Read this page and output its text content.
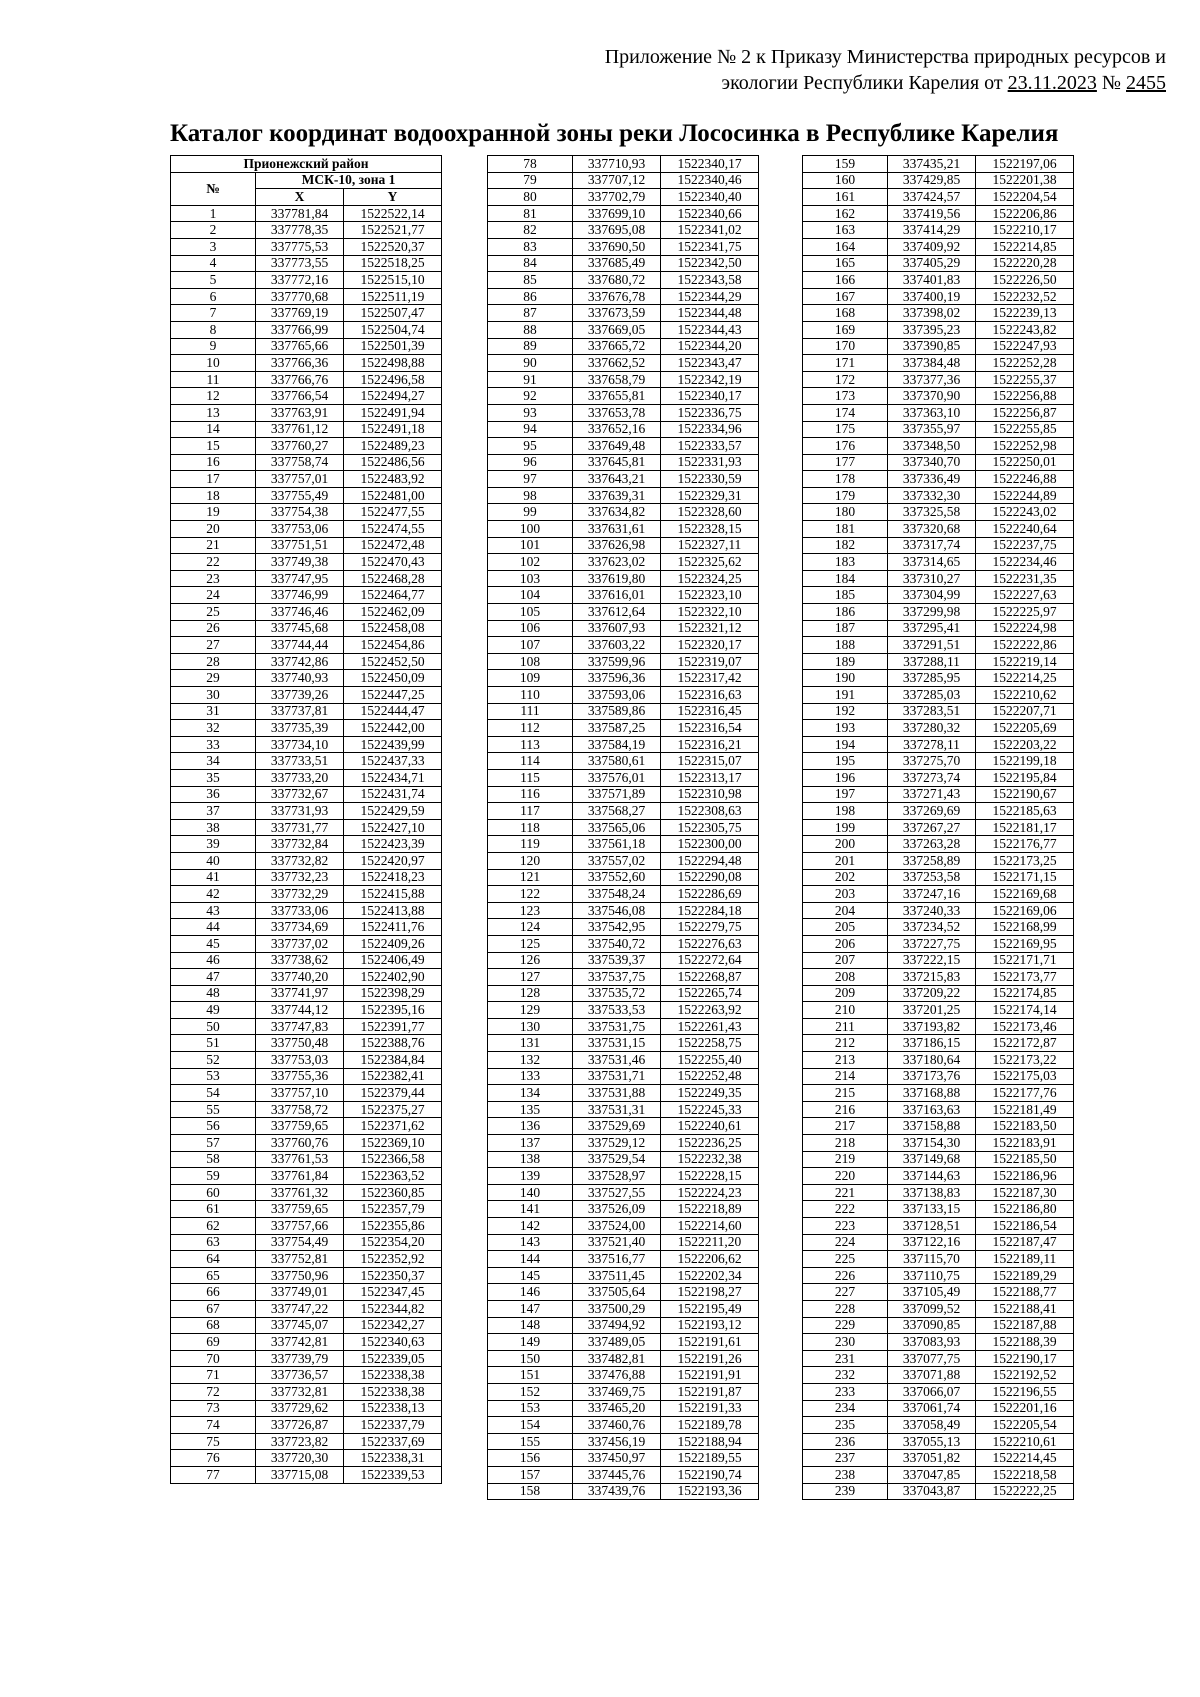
Приложение № 2 к Приказу Министерства природных ресурсов и
экологии Республики Карелия от 23.11.2023 № 2455
Каталог координат водоохранной зоны реки Лососинка в Республике Карелия
Прионежский район		
№	МСК-10, зона 1	
	X	Y
1	337781,84	1522522,14
2	337778,35	1522521,77
3	337775,53	1522520,37
4	337773,55	1522518,25
5	337772,16	1522515,10
6	337770,68	1522511,19
7	337769,19	1522507,47
8	337766,99	1522504,74
9	337765,66	1522501,39
10	337766,36	1522498,88
11	337766,76	1522496,58
12	337766,54	1522494,27
13	337763,91	1522491,94
14	337761,12	1522491,18
15	337760,27	1522489,23
16	337758,74	1522486,56
17	337757,01	1522483,92
18	337755,49	1522481,00
19	337754,38	1522477,55
20	337753,06	1522474,55
21	337751,51	1522472,48
22	337749,38	1522470,43
23	337747,95	1522468,28
24	337746,99	1522464,77
25	337746,46	1522462,09
26	337745,68	1522458,08
27	337744,44	1522454,86
28	337742,86	1522452,50
29	337740,93	1522450,09
30	337739,26	1522447,25
31	337737,81	1522444,47
32	337735,39	1522442,00
33	337734,10	1522439,99
34	337733,51	1522437,33
35	337733,20	1522434,71
36	337732,67	1522431,74
37	337731,93	1522429,59
38	337731,77	1522427,10
39	337732,84	1522423,39
40	337732,82	1522420,97
41	337732,23	1522418,23
42	337732,29	1522415,88
43	337733,06	1522413,88
44	337734,69	1522411,76
45	337737,02	1522409,26
46	337738,62	1522406,49
47	337740,20	1522402,90
48	337741,97	1522398,29
49	337744,12	1522395,16
50	337747,83	1522391,77
51	337750,48	1522388,76
52	337753,03	1522384,84
53	337755,36	1522382,41
54	337757,10	1522379,44
55	337758,72	1522375,27
56	337759,65	1522371,62
57	337760,76	1522369,10
58	337761,53	1522366,58
59	337761,84	1522363,52
60	337761,32	1522360,85
61	337759,65	1522357,79
62	337757,66	1522355,86
63	337754,49	1522354,20
64	337752,81	1522352,92
65	337750,96	1522350,37
66	337749,01	1522347,45
67	337747,22	1522344,82
68	337745,07	1522342,27
69	337742,81	1522340,63
70	337739,79	1522339,05
71	337736,57	1522338,38
72	337732,81	1522338,38
73	337729,62	1522338,13
74	337726,87	1522337,79
75	337723,82	1522337,69
76	337720,30	1522338,31
77	337715,08	1522339,53
78	337710,93	1522340,17
79	337707,12	1522340,46
80	337702,79	1522340,40
81	337699,10	1522340,66
82	337695,08	1522341,02
83	337690,50	1522341,75
84	337685,49	1522342,50
85	337680,72	1522343,58
86	337676,78	1522344,29
87	337673,59	1522344,48
88	337669,05	1522344,43
89	337665,72	1522344,20
90	337662,52	1522343,47
91	337658,79	1522342,19
92	337655,81	1522340,17
93	337653,78	1522336,75
94	337652,16	1522334,96
95	337649,48	1522333,57
96	337645,81	1522331,93
97	337643,21	1522330,59
98	337639,31	1522329,31
99	337634,82	1522328,60
100	337631,61	1522328,15
101	337626,98	1522327,11
102	337623,02	1522325,62
103	337619,80	1522324,25
104	337616,01	1522323,10
105	337612,64	1522322,10
106	337607,93	1522321,12
107	337603,22	1522320,17
108	337599,96	1522319,07
109	337596,36	1522317,42
110	337593,06	1522316,63
111	337589,86	1522316,45
112	337587,25	1522316,54
113	337584,19	1522316,21
114	337580,61	1522315,07
115	337576,01	1522313,17
116	337571,89	1522310,98
117	337568,27	1522308,63
118	337565,06	1522305,75
119	337561,18	1522300,00
120	337557,02	1522294,48
121	337552,60	1522290,08
122	337548,24	1522286,69
123	337546,08	1522284,18
124	337542,95	1522279,75
125	337540,72	1522276,63
126	337539,37	1522272,64
127	337537,75	1522268,87
128	337535,72	1522265,74
129	337533,53	1522263,92
130	337531,75	1522261,43
131	337531,15	1522258,75
132	337531,46	1522255,40
133	337531,71	1522252,48
134	337531,88	1522249,35
135	337531,31	1522245,33
136	337529,69	1522240,61
137	337529,12	1522236,25
138	337529,54	1522232,38
139	337528,97	1522228,15
140	337527,55	1522224,23
141	337526,09	1522218,89
142	337524,00	1522214,60
143	337521,40	1522211,20
144	337516,77	1522206,62
145	337511,45	1522202,34
146	337505,64	1522198,27
147	337500,29	1522195,49
148	337494,92	1522193,12
149	337489,05	1522191,61
150	337482,81	1522191,26
151	337476,88	1522191,91
152	337469,75	1522191,87
153	337465,20	1522191,33
154	337460,76	1522189,78
155	337456,19	1522188,94
156	337450,97	1522189,55
157	337445,76	1522190,74
158	337439,76	1522193,36
159	337435,21	1522197,06
160	337429,85	1522201,38
161	337424,57	1522204,54
162	337419,56	1522206,86
163	337414,29	1522210,17
164	337409,92	1522214,85
165	337405,29	1522220,28
166	337401,83	1522226,50
167	337400,19	1522232,52
168	337398,02	1522239,13
169	337395,23	1522243,82
170	337390,85	1522247,93
171	337384,48	1522252,28
172	337377,36	1522255,37
173	337370,90	1522256,88
174	337363,10	1522256,87
175	337355,97	1522255,85
176	337348,50	1522252,98
177	337340,70	1522250,01
178	337336,49	1522246,88
179	337332,30	1522244,89
180	337325,58	1522243,02
181	337320,68	1522240,64
182	337317,74	1522237,75
183	337314,65	1522234,46
184	337310,27	1522231,35
185	337304,99	1522227,63
186	337299,98	1522225,97
187	337295,41	1522224,98
188	337291,51	1522222,86
189	337288,11	1522219,14
190	337285,95	1522214,25
191	337285,03	1522210,62
192	337283,51	1522207,71
193	337280,32	1522205,69
194	337278,11	1522203,22
195	337275,70	1522199,18
196	337273,74	1522195,84
197	337271,43	1522190,67
198	337269,69	1522185,63
199	337267,27	1522181,17
200	337263,28	1522176,77
201	337258,89	1522173,25
202	337253,58	1522171,15
203	337247,16	1522169,68
204	337240,33	1522169,06
205	337234,52	1522168,99
206	337227,75	1522169,95
207	337222,15	1522171,71
208	337215,83	1522173,77
209	337209,22	1522174,85
210	337201,25	1522174,14
211	337193,82	1522173,46
212	337186,15	1522172,87
213	337180,64	1522173,22
214	337173,76	1522175,03
215	337168,88	1522177,76
216	337163,63	1522181,49
217	337158,88	1522183,50
218	337154,30	1522183,91
219	337149,68	1522185,50
220	337144,63	1522186,96
221	337138,83	1522187,30
222	337133,15	1522186,80
223	337128,51	1522186,54
224	337122,16	1522187,47
225	337115,70	1522189,11
226	337110,75	1522189,29
227	337105,49	1522188,77
228	337099,52	1522188,41
229	337090,85	1522187,88
230	337083,93	1522188,39
231	337077,75	1522190,17
232	337071,88	1522192,52
233	337066,07	1522196,55
234	337061,74	1522201,16
235	337058,49	1522205,54
236	337055,13	1522210,61
237	337051,82	1522214,45
238	337047,85	1522218,58
239	337043,87	1522222,25
